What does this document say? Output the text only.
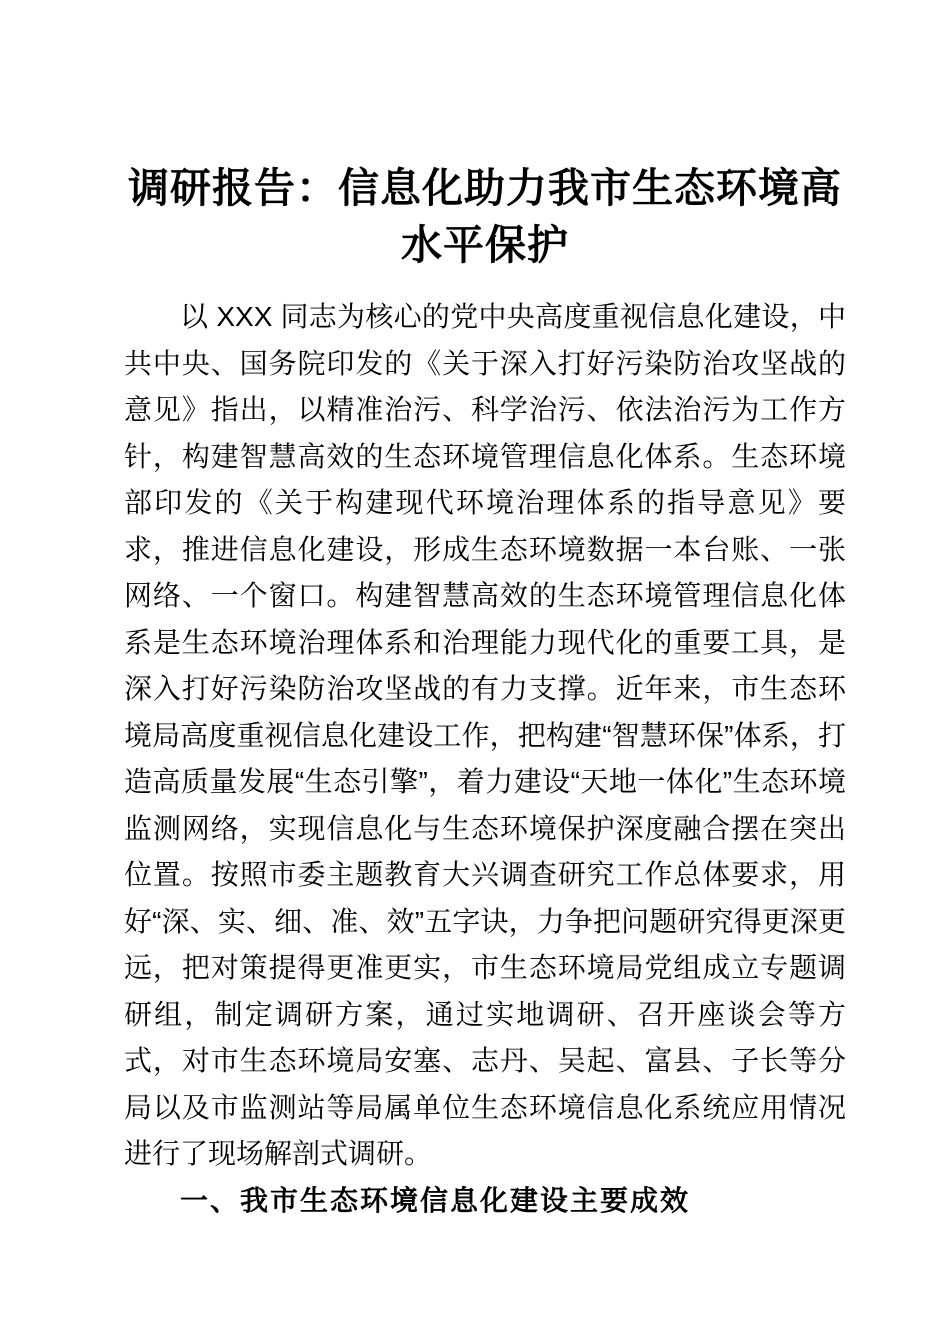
调研报告：信息化助力我市生态环境高水平保护

以 XXX 同志为核心的党中央高度重视信息化建设，中共中央、国务院印发的《关于深入打好污染防治攻坚战的意见》指出，以精准治污、科学治污、依法治污为工作方针，构建智慧高效的生态环境管理信息化体系。生态环境部印发的《关于构建现代环境治理体系的指导意见》要求，推进信息化建设，形成生态环境数据一本台账、一张网络、一个窗口。构建智慧高效的生态环境管理信息化体系是生态环境治理体系和治理能力现代化的重要工具，是深入打好污染防治攻坚战的有力支撑。近年来，市生态环境局高度重视信息化建设工作，把构建“智慧环保”体系，打造高质量发展“生态引擎”，着力建设“天地一体化”生态环境监测网络，实现信息化与生态环境保护深度融合摆在突出位置。按照市委主题教育大兴调查研究工作总体要求，用好“深、实、细、准、效”五字诀，力争把问题研究得更深更远，把对策提得更准更实，市生态环境局党组成立专题调研组，制定调研方案，通过实地调研、召开座谈会等方式，对市生态环境局安塞、志丹、吴起、富县、子长等分局以及市监测站等局属单位生态环境信息化系统应用情况进行了现场解剖式调研。

一、我市生态环境信息化建设主要成效
